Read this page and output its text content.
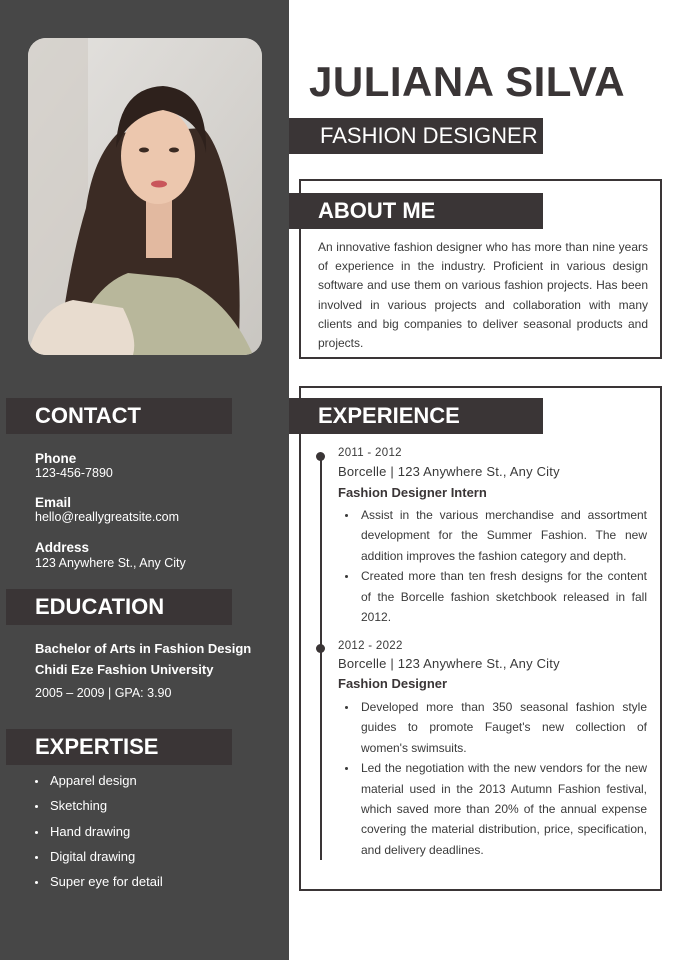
JULIANA SILVA
FASHION DESIGNER
ABOUT ME
An innovative fashion designer who has more than nine years of experience in the industry. Proficient in various design software and use them on various fashion projects. Has been involved in various projects and collaboration with many clients and big companies to deliver seasonal products and projects.
CONTACT
Phone
123-456-7890
Email
hello@reallygreatsite.com
Address
123 Anywhere St., Any City
EDUCATION
Bachelor of Arts in Fashion Design
Chidi Eze Fashion University
2005 – 2009 | GPA: 3.90
EXPERTISE
Apparel design
Sketching
Hand drawing
Digital drawing
Super eye for detail
EXPERIENCE
2011 - 2012
Borcelle | 123 Anywhere St., Any City
Fashion Designer Intern
Assist in the various merchandise and assortment development for the Summer Fashion. The new addition improves the fashion category and depth.
Created more than ten fresh designs for the content of the Borcelle fashion sketchbook released in fall 2012.
2012 - 2022
Borcelle | 123 Anywhere St., Any City
Fashion Designer
Developed more than 350 seasonal fashion style guides to promote Fauget's new collection of women's swimsuits.
Led the negotiation with the new vendors for the new material used in the 2013 Autumn Fashion festival, which saved more than 20% of the annual expense covering the material distribution, price, specification, and delivery deadlines.
